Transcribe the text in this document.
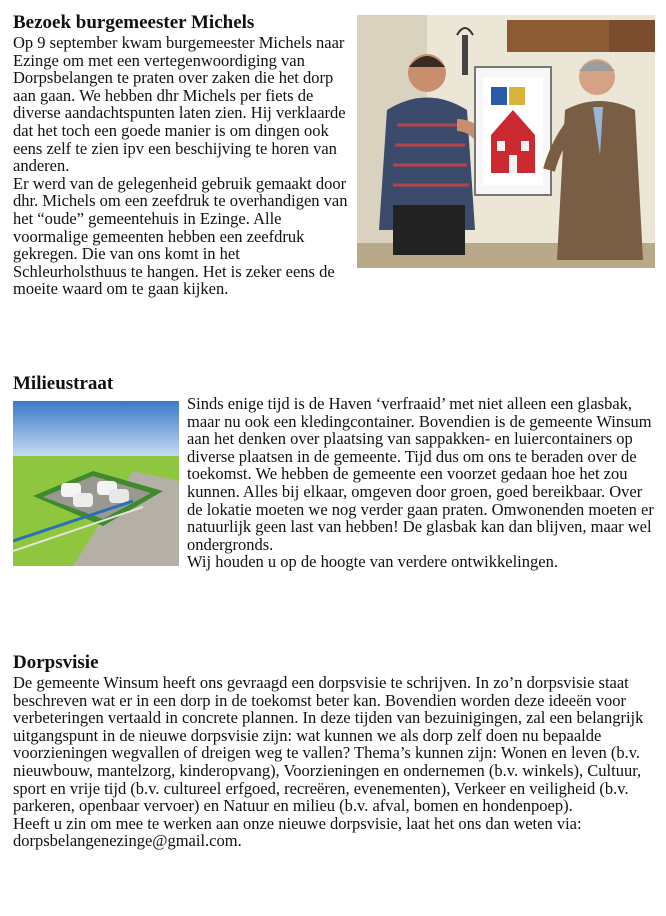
Bezoek burgemeester Michels

Op 9 september kwam burgemeester Michels naar Ezinge om met een vertegenwoordiging van Dorpsbelangen te praten over zaken die het dorp aan gaan. We hebben dhr Michels per fiets de diverse aandachtspunten laten zien. Hij verklaarde dat het toch een goede manier is om dingen ook eens zelf te zien ipv een beschijving te horen van anderen.

Er werd van de gelegenheid gebruik gemaakt door dhr. Michels om een zeefdruk te overhandigen van het “oude” gemeentehuis in Ezinge. Alle voormalige gemeenten hebben een zeefdruk gekregen. Die van ons komt in het Schleurholsthuus te hangen. Het is zeker eens de moeite waard om te gaan kijken.

Milieustraat

Sinds enige tijd is de Haven ‘verfraaid’ met niet alleen een glasbak, maar nu ook een kledingcontainer. Bovendien is de gemeente Winsum aan het denken over plaatsing van sappakken- en luiercontainers op diverse plaatsen in de gemeente. Tijd dus om ons te beraden over de toekomst. We hebben de gemeente een voorzet gedaan hoe het zou kunnen. Alles bij elkaar, omgeven door groen, goed bereikbaar. Over de lokatie moeten we nog verder gaan praten. Omwonenden moeten er natuurlijk geen last van hebben! De glasbak kan dan blijven, maar wel ondergronds.

Wij houden u op de hoogte van verdere ontwikkelingen.

Dorpsvisie

De gemeente Winsum heeft ons gevraagd een dorpsvisie te schrijven. In zo’n dorpsvisie staat beschreven wat er in een dorp in de toekomst beter kan. Bovendien worden deze ideeën voor verbeteringen vertaald in concrete plannen. In deze tijden van bezuinigingen, zal een belangrijk uitgangspunt in de nieuwe dorpsvisie zijn: wat kunnen we als dorp zelf doen nu bepaalde voorzieningen wegvallen of dreigen weg te vallen? Thema’s kunnen zijn: Wonen en leven (b.v. nieuwbouw, mantelzorg, kinderopvang), Voorzieningen en ondernemen (b.v. winkels), Cultuur, sport en vrije tijd (b.v. cultureel erfgoed, recreëren, evenementen), Verkeer en veiligheid (b.v. parkeren, openbaar vervoer) en Natuur en milieu (b.v. afval, bomen en hondenpoep).

Heeft u zin om mee te werken aan onze nieuwe dorpsvisie, laat het ons dan weten via: dorpsbelangenezinge@gmail.com.
